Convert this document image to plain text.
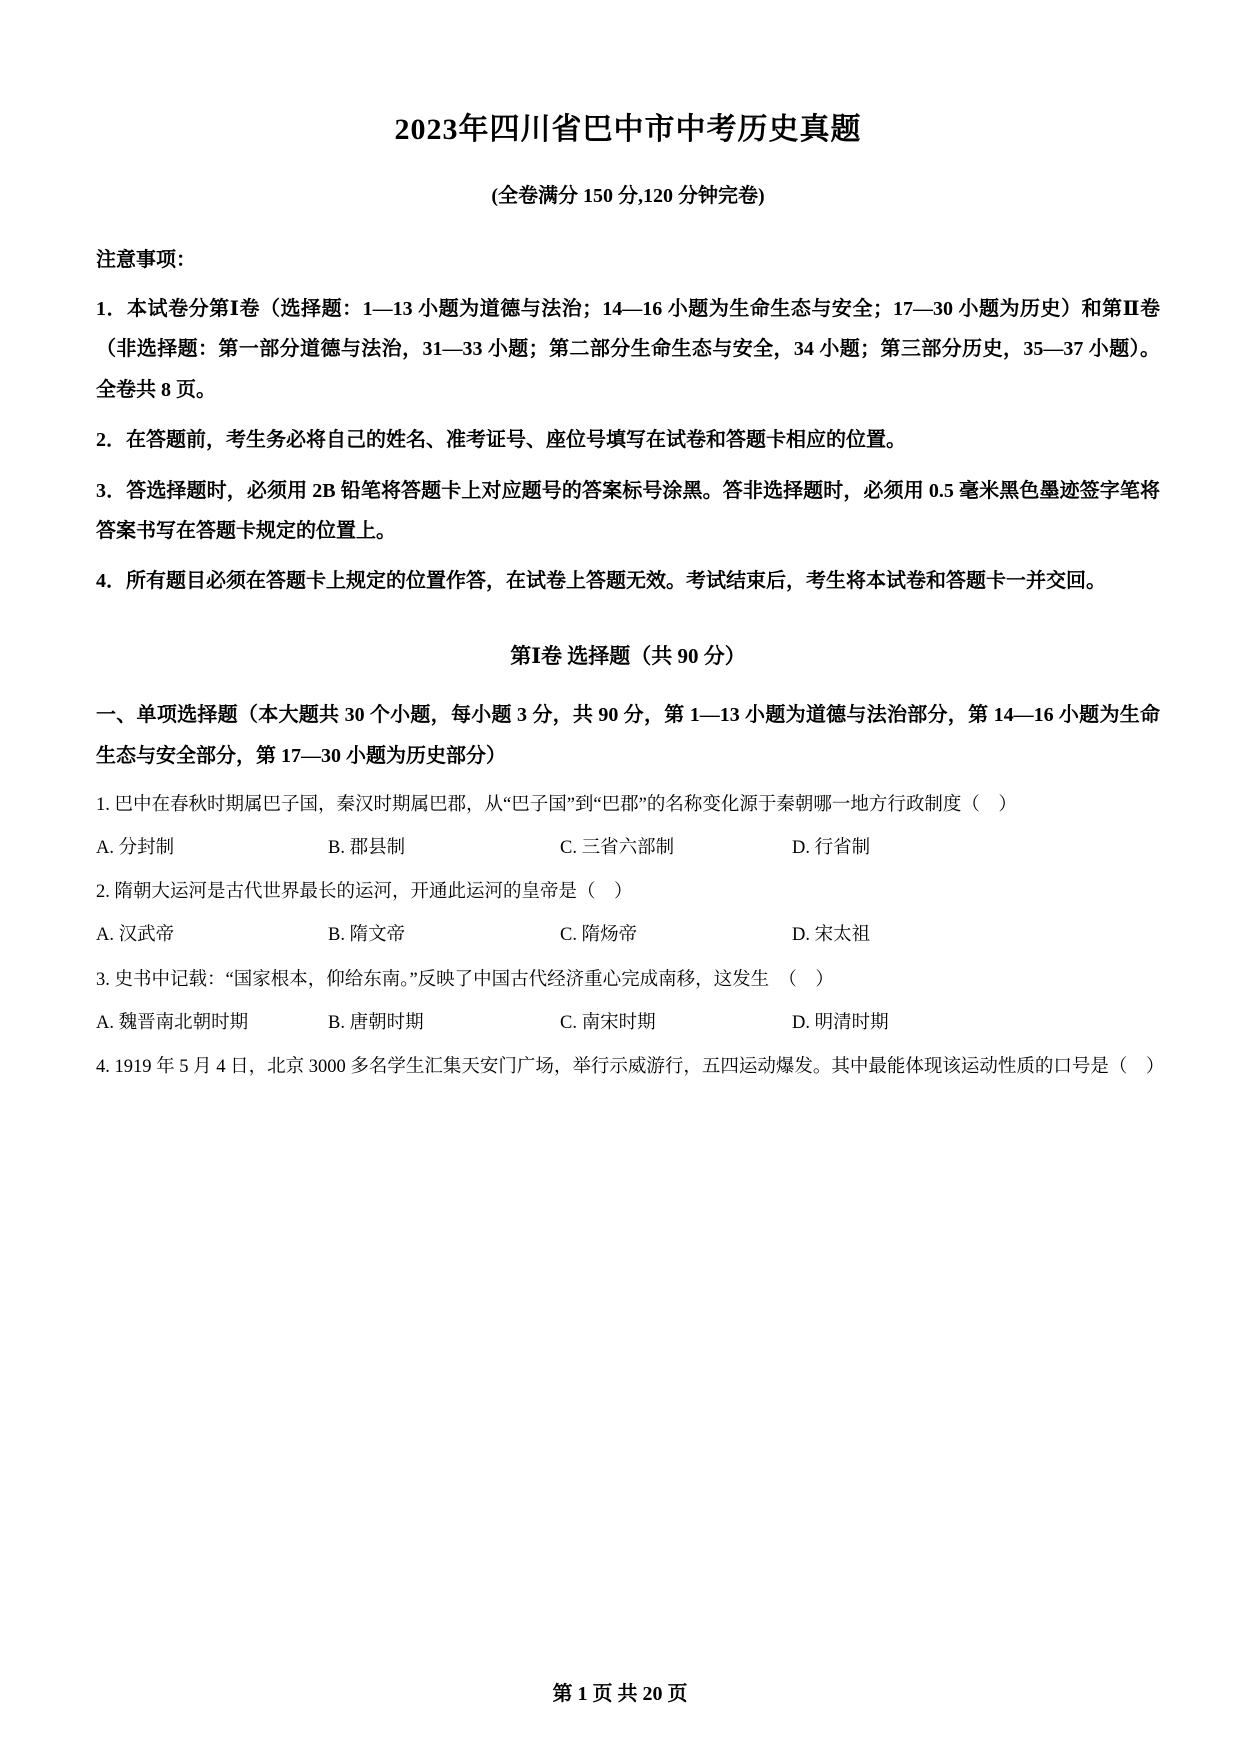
2023年四川省巴中市中考历史真题
(全卷满分 150 分,120 分钟完卷)
注意事项：

1．本试卷分第Ⅰ卷（选择题：1—13 小题为道德与法治；14—16 小题为生命生态与安全；17—30 小题为历史）和第Ⅱ卷（非选择题：第一部分道德与法治，31—33 小题；第二部分生命生态与安全，34 小题；第三部分历史，35—37 小题）。全卷共 8 页。

2．在答题前，考生务必将自己的姓名、准考证号、座位号填写在试卷和答题卡相应的位置。

3．答选择题时，必须用 2B 铅笔将答题卡上对应题号的答案标号涂黑。答非选择题时，必须用 0.5 毫米黑色墨迹签字笔将答案书写在答题卡规定的位置上。

4．所有题目必须在答题卡上规定的位置作答，在试卷上答题无效。考试结束后，考生将本试卷和答题卡一并交回。

第Ⅰ卷 选择题（共 90 分）

一、单项选择题（本大题共 30 个小题，每小题 3 分，共 90 分，第 1—13 小题为道德与法治部分，第 14—16 小题为生命生态与安全部分，第 17—30 小题为历史部分）

1. 巴中在春秋时期属巴子国，秦汉时期属巴郡，从“巴子国”到“巴郡”的名称变化源于秦朝哪一地方行政制度（　）

A. 分封制	B. 郡县制	C. 三省六部制	D. 行省制

2. 隋朝大运河是古代世界最长的运河，开通此运河的皇帝是（　）

A. 汉武帝	B. 隋文帝	C. 隋炀帝	D. 宋太祖

3. 史书中记载：“国家根本，仰给东南。”反映了中国古代经济重心完成南移，这发生　（　）

A. 魏晋南北朝时期	B. 唐朝时期	C. 南宋时期	D. 明清时期

4. 1919 年 5 月 4 日，北京 3000 多名学生汇集天安门广场，举行示威游行，五四运动爆发。其中最能体现该运动性质的口号是（　）

第 1 页 共 20 页
